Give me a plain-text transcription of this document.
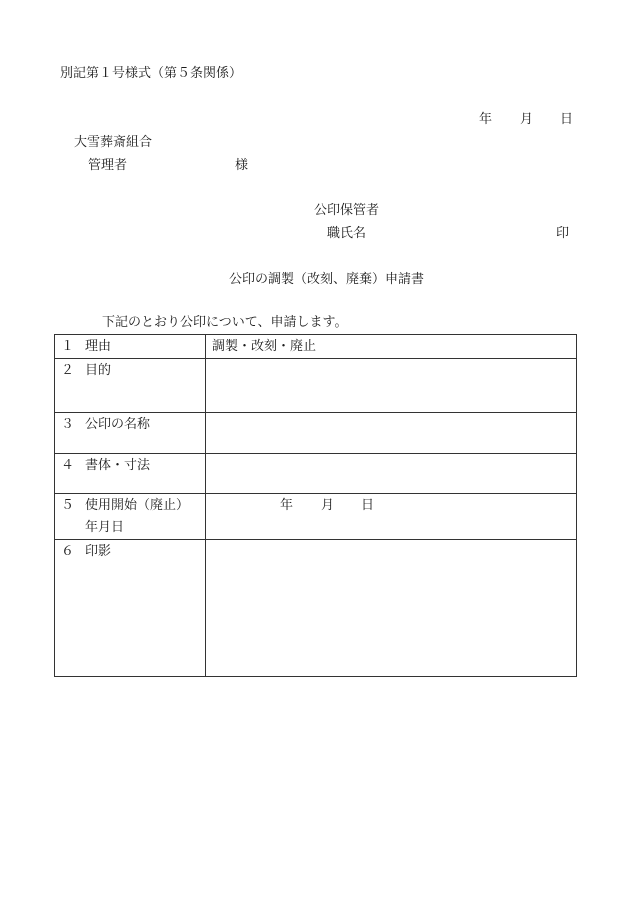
別記第１号様式（第５条関係）
年 月 日
大雪葬斎組合
管理者	様
公印保管者
職氏名	印
公印の調製（改刻、廃棄）申請書
下記のとおり公印について、申請します。
１ 理由	調製・改刻・廃止

２ 目的	

３ 公印の名称	

４ 書体・寸法	

５ 使用開始（廃止）
年月日	年 月 日

６ 印影	
